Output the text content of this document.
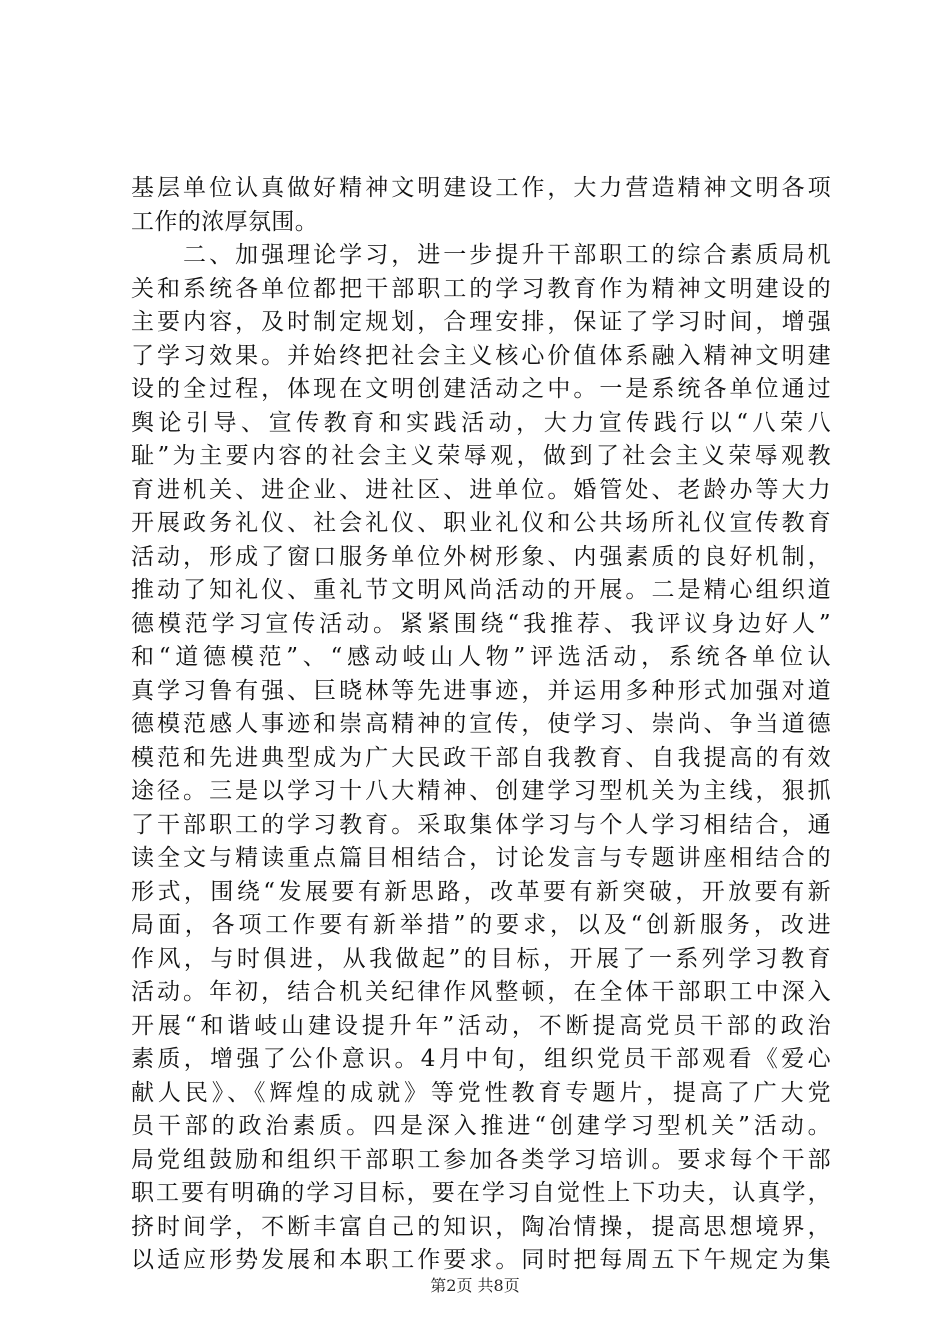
基层单位认真做好精神文明建设工作，大力营造精神文明各项
工作的浓厚氛围。
　　二、加强理论学习，进一步提升干部职工的综合素质局机
关和系统各单位都把干部职工的学习教育作为精神文明建设的
主要内容，及时制定规划，合理安排，保证了学习时间，增强
了学习效果。并始终把社会主义核心价值体系融入精神文明建
设的全过程，体现在文明创建活动之中。一是系统各单位通过
舆论引导、宣传教育和实践活动，大力宣传践行以“八荣八
耻”为主要内容的社会主义荣辱观，做到了社会主义荣辱观教
育进机关、进企业、进社区、进单位。婚管处、老龄办等大力
开展政务礼仪、社会礼仪、职业礼仪和公共场所礼仪宣传教育
活动，形成了窗口服务单位外树形象、内强素质的良好机制，
推动了知礼仪、重礼节文明风尚活动的开展。二是精心组织道
德模范学习宣传活动。紧紧围绕“我推荐、我评议身边好人”
和“道德模范”、“感动岐山人物”评选活动，系统各单位认
真学习鲁有强、巨晓林等先进事迹，并运用多种形式加强对道
德模范感人事迹和崇高精神的宣传，使学习、崇尚、争当道德
模范和先进典型成为广大民政干部自我教育、自我提高的有效
途径。三是以学习十八大精神、创建学习型机关为主线，狠抓
了干部职工的学习教育。采取集体学习与个人学习相结合，通
读全文与精读重点篇目相结合，讨论发言与专题讲座相结合的
形式，围绕“发展要有新思路，改革要有新突破，开放要有新
局面，各项工作要有新举措”的要求，以及“创新服务，改进
作风，与时俱进，从我做起”的目标，开展了一系列学习教育
活动。年初，结合机关纪律作风整顿，在全体干部职工中深入
开展“和谐岐山建设提升年”活动，不断提高党员干部的政治
素质，增强了公仆意识。4月中旬，组织党员干部观看《爱心
献人民》、《辉煌的成就》等党性教育专题片，提高了广大党
员干部的政治素质。四是深入推进“创建学习型机关”活动。
局党组鼓励和组织干部职工参加各类学习培训。要求每个干部
职工要有明确的学习目标，要在学习自觉性上下功夫，认真学，
挤时间学，不断丰富自己的知识，陶冶情操，提高思想境界，
以适应形势发展和本职工作要求。同时把每周五下午规定为集
第2页 共8页
